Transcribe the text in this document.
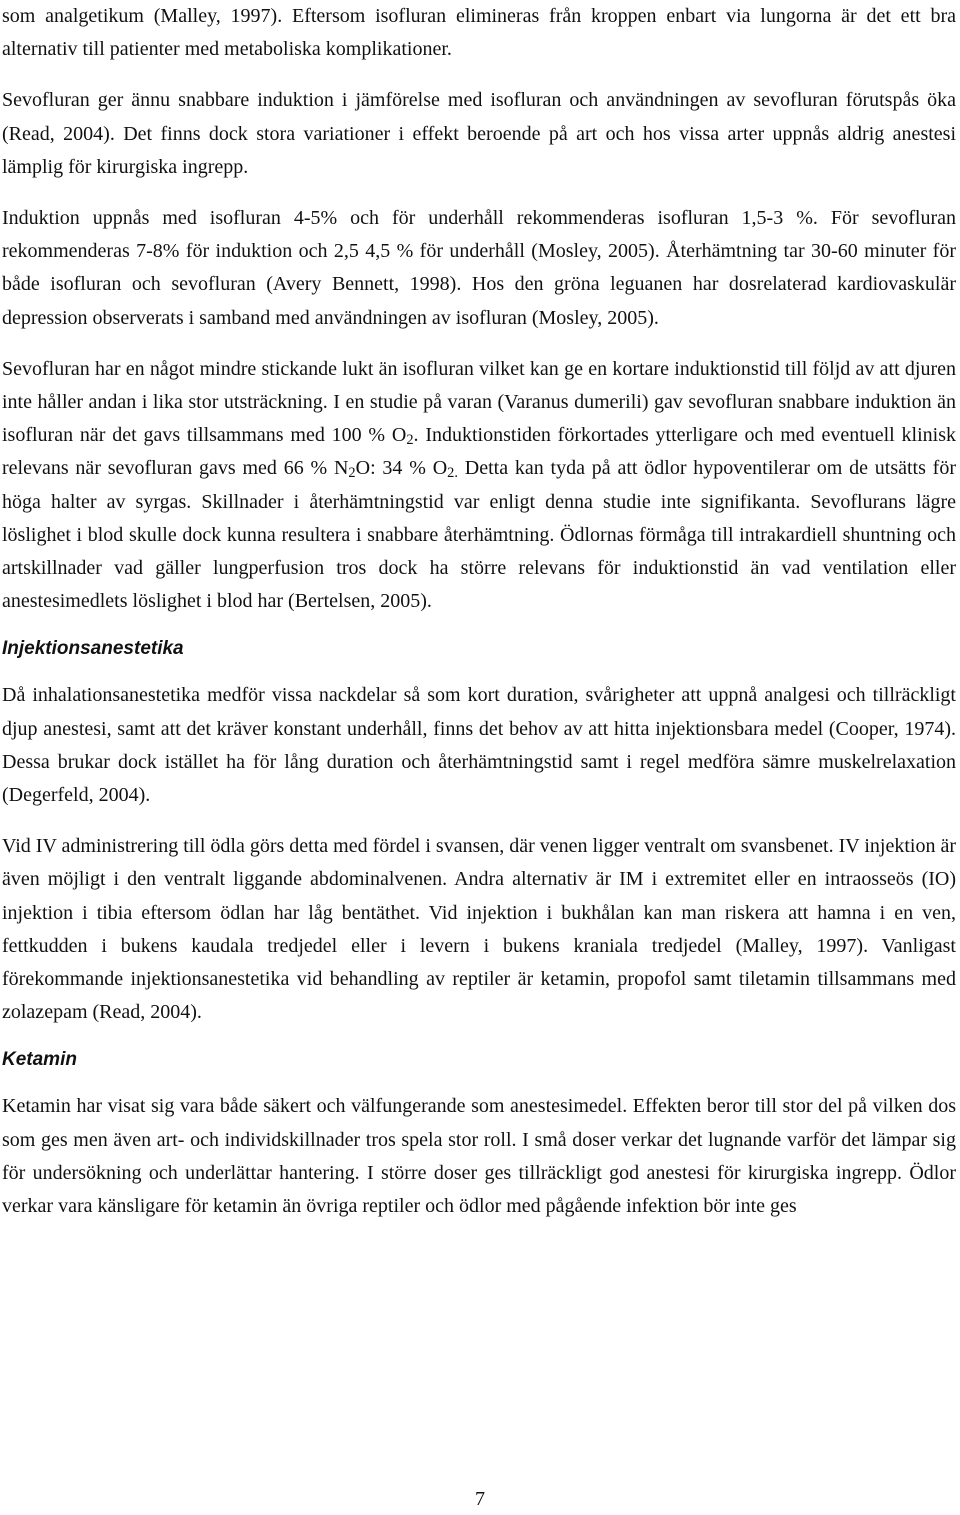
som analgetikum (Malley, 1997). Eftersom isofluran elimineras från kroppen enbart via lungorna är det ett bra alternativ till patienter med metaboliska komplikationer.

Sevofluran ger ännu snabbare induktion i jämförelse med isofluran och användningen av sevofluran förutspås öka (Read, 2004). Det finns dock stora variationer i effekt beroende på art och hos vissa arter uppnås aldrig anestesi lämplig för kirurgiska ingrepp.

Induktion uppnås med isofluran 4-5% och för underhåll rekommenderas isofluran 1,5-3 %. För sevofluran rekommenderas 7-8% för induktion och 2,5 4,5 % för underhåll (Mosley, 2005). Återhämtning tar 30-60 minuter för både isofluran och sevofluran (Avery Bennett, 1998). Hos den gröna leguanen har dosrelaterad kardiovaskulär depression observerats i samband med användningen av isofluran (Mosley, 2005).

Sevofluran har en något mindre stickande lukt än isofluran vilket kan ge en kortare induktionstid till följd av att djuren inte håller andan i lika stor utsträckning. I en studie på varan (Varanus dumerili) gav sevofluran snabbare induktion än isofluran när det gavs tillsammans med 100 % $O_2$. Induktionstiden förkortades ytterligare och med eventuell klinisk relevans när sevofluran gavs med 66 % $N_2O$: 34 % $O_{2.}$ Detta kan tyda på att ödlor hypoventilerar om de utsätts för höga halter av syrgas. Skillnader i återhämtningstid var enligt denna studie inte signifikanta. Sevoflurans lägre löslighet i blod skulle dock kunna resultera i snabbare återhämtning. Ödlornas förmåga till intrakardiell shuntning och artskillnader vad gäller lungperfusion tros dock ha större relevans för induktionstid än vad ventilation eller anestesimedlets löslighet i blod har (Bertelsen, 2005).

Injektionsanestetika

Då inhalationsanestetika medför vissa nackdelar så som kort duration, svårigheter att uppnå analgesi och tillräckligt djup anestesi, samt att det kräver konstant underhåll, finns det behov av att hitta injektionsbara medel (Cooper, 1974). Dessa brukar dock istället ha för lång duration och återhämtningstid samt i regel medföra sämre muskelrelaxation (Degerfeld, 2004).

Vid IV administrering till ödla görs detta med fördel i svansen, där venen ligger ventralt om svansbenet. IV injektion är även möjligt i den ventralt liggande abdominalvenen. Andra alternativ är IM i extremitet eller en intraosseös (IO) injektion i tibia eftersom ödlan har låg bentäthet. Vid injektion i bukhålan kan man riskera att hamna i en ven, fettkudden i bukens kaudala tredjedel eller i levern i bukens kraniala tredjedel (Malley, 1997). Vanligast förekommande injektionsanestetika vid behandling av reptiler är ketamin, propofol samt tiletamin tillsammans med zolazepam (Read, 2004).

Ketamin

Ketamin har visat sig vara både säkert och välfungerande som anestesimedel. Effekten beror till stor del på vilken dos som ges men även art- och individskillnader tros spela stor roll. I små doser verkar det lugnande varför det lämpar sig för undersökning och underlättar hantering. I större doser ges tillräckligt god anestesi för kirurgiska ingrepp. Ödlor verkar vara känsligare för ketamin än övriga reptiler och ödlor med pågående infektion bör inte ges

7
